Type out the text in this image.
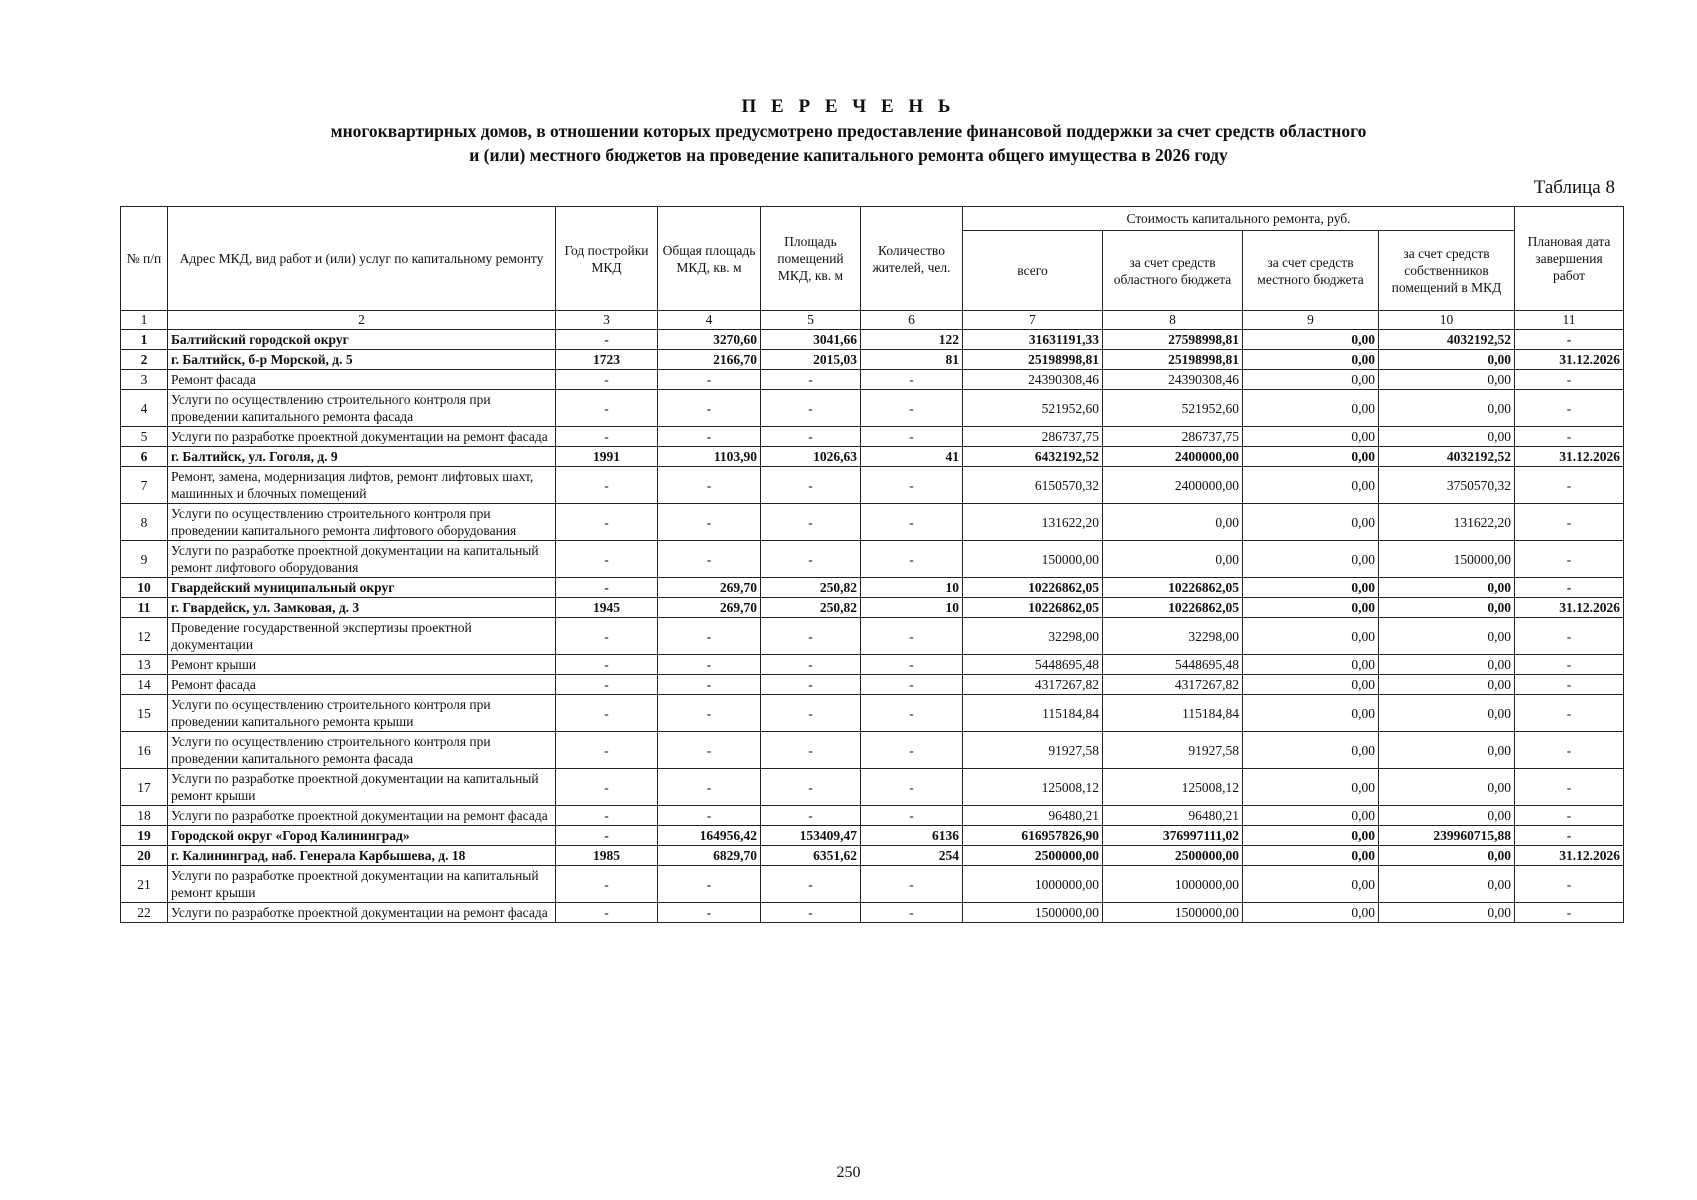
П Е Р Е Ч Е Н Ь
многоквартирных домов, в отношении которых предусмотрено предоставление финансовой поддержки за счет средств областного
и (или) местного бюджетов на проведение капитального ремонта общего имущества в 2026 году
Таблица 8
№ п/п	Адрес МКД, вид работ и (или) услуг по капитальному ремонту	Год постройки МКД	Общая площадь МКД, кв. м	Площадь помещений МКД, кв. м	Количество жителей, чел.	Стоимость капитального ремонта, руб.				Плановая дата завершения работ
						всего	за счет средств областного бюджета	за счет средств местного бюджета	за счет средств собственников помещений в МКД	
1	2	3	4	5	6	7	8	9	10	11
1	Балтийский городской округ	-	3270,60	3041,66	122	31631191,33	27598998,81	0,00	4032192,52	-
2	г. Балтийск, б-р Морской, д. 5	1723	2166,70	2015,03	81	25198998,81	25198998,81	0,00	0,00	31.12.2026
3	Ремонт фасада	-	-	-	-	24390308,46	24390308,46	0,00	0,00	-
4	Услуги по осуществлению строительного контроля при проведении капитального ремонта фасада	-	-	-	-	521952,60	521952,60	0,00	0,00	-
5	Услуги по разработке проектной документации на ремонт фасада	-	-	-	-	286737,75	286737,75	0,00	0,00	-
6	г. Балтийск, ул. Гоголя, д. 9	1991	1103,90	1026,63	41	6432192,52	2400000,00	0,00	4032192,52	31.12.2026
7	Ремонт, замена, модернизация лифтов, ремонт лифтовых шахт, машинных и блочных помещений	-	-	-	-	6150570,32	2400000,00	0,00	3750570,32	-
8	Услуги по осуществлению строительного контроля при проведении капитального ремонта лифтового оборудования	-	-	-	-	131622,20	0,00	0,00	131622,20	-
9	Услуги по разработке проектной документации на капитальный ремонт лифтового оборудования	-	-	-	-	150000,00	0,00	0,00	150000,00	-
10	Гвардейский муниципальный округ	-	269,70	250,82	10	10226862,05	10226862,05	0,00	0,00	-
11	г. Гвардейск, ул. Замковая, д. 3	1945	269,70	250,82	10	10226862,05	10226862,05	0,00	0,00	31.12.2026
12	Проведение государственной экспертизы проектной документации	-	-	-	-	32298,00	32298,00	0,00	0,00	-
13	Ремонт крыши	-	-	-	-	5448695,48	5448695,48	0,00	0,00	-
14	Ремонт фасада	-	-	-	-	4317267,82	4317267,82	0,00	0,00	-
15	Услуги по осуществлению строительного контроля при проведении капитального ремонта крыши	-	-	-	-	115184,84	115184,84	0,00	0,00	-
16	Услуги по осуществлению строительного контроля при проведении капитального ремонта фасада	-	-	-	-	91927,58	91927,58	0,00	0,00	-
17	Услуги по разработке проектной документации на капитальный ремонт крыши	-	-	-	-	125008,12	125008,12	0,00	0,00	-
18	Услуги по разработке проектной документации на ремонт фасада	-	-	-	-	96480,21	96480,21	0,00	0,00	-
19	Городской округ «Город Калининград»	-	164956,42	153409,47	6136	616957826,90	376997111,02	0,00	239960715,88	-
20	г. Калининград, наб. Генерала Карбышева, д. 18	1985	6829,70	6351,62	254	2500000,00	2500000,00	0,00	0,00	31.12.2026
21	Услуги по разработке проектной документации на капитальный ремонт крыши	-	-	-	-	1000000,00	1000000,00	0,00	0,00	-
22	Услуги по разработке проектной документации на ремонт фасада	-	-	-	-	1500000,00	1500000,00	0,00	0,00	-
250
